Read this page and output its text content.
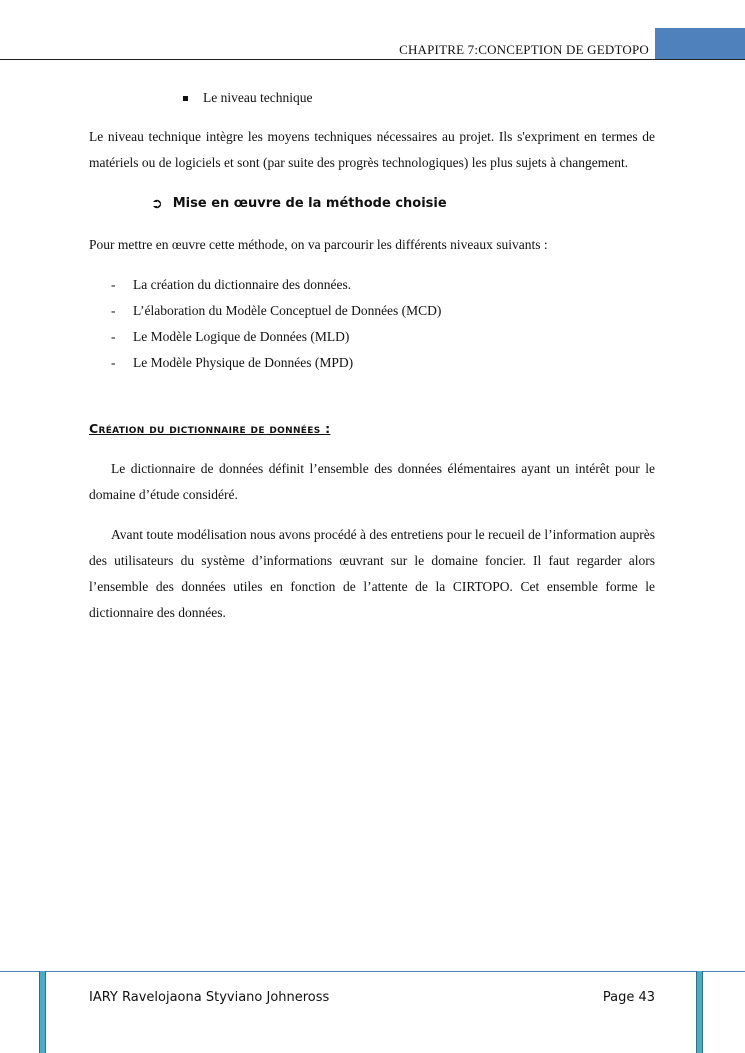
CHAPITRE 7:CONCEPTION DE GEDTOPO
Le niveau technique

Le niveau technique intègre les moyens techniques nécessaires au projet. Ils s'expriment en termes de matériels ou de logiciels et sont (par suite des progrès technologiques) les plus sujets à changement.

➲ Mise en œuvre de la méthode choisie

Pour mettre en œuvre cette méthode, on va parcourir les différents niveaux suivants :

-	La création du dictionnaire des données.
-	L’élaboration du Modèle Conceptuel de Données (MCD)
-	Le Modèle Logique de Données (MLD)
-	Le Modèle Physique de Données (MPD)
Création du dictionnaire de données :

Le dictionnaire de données définit l’ensemble des données élémentaires ayant un intérêt pour le domaine d’étude considéré.

Avant toute modélisation nous avons procédé à des entretiens pour le recueil de l’information auprès des utilisateurs du système d’informations œuvrant sur le domaine foncier. Il faut regarder alors l’ensemble des données utiles en fonction de l’attente de la CIRTOPO. Cet ensemble forme le dictionnaire des données.

IARY Ravelojaona Styviano Johneross	Page 43
